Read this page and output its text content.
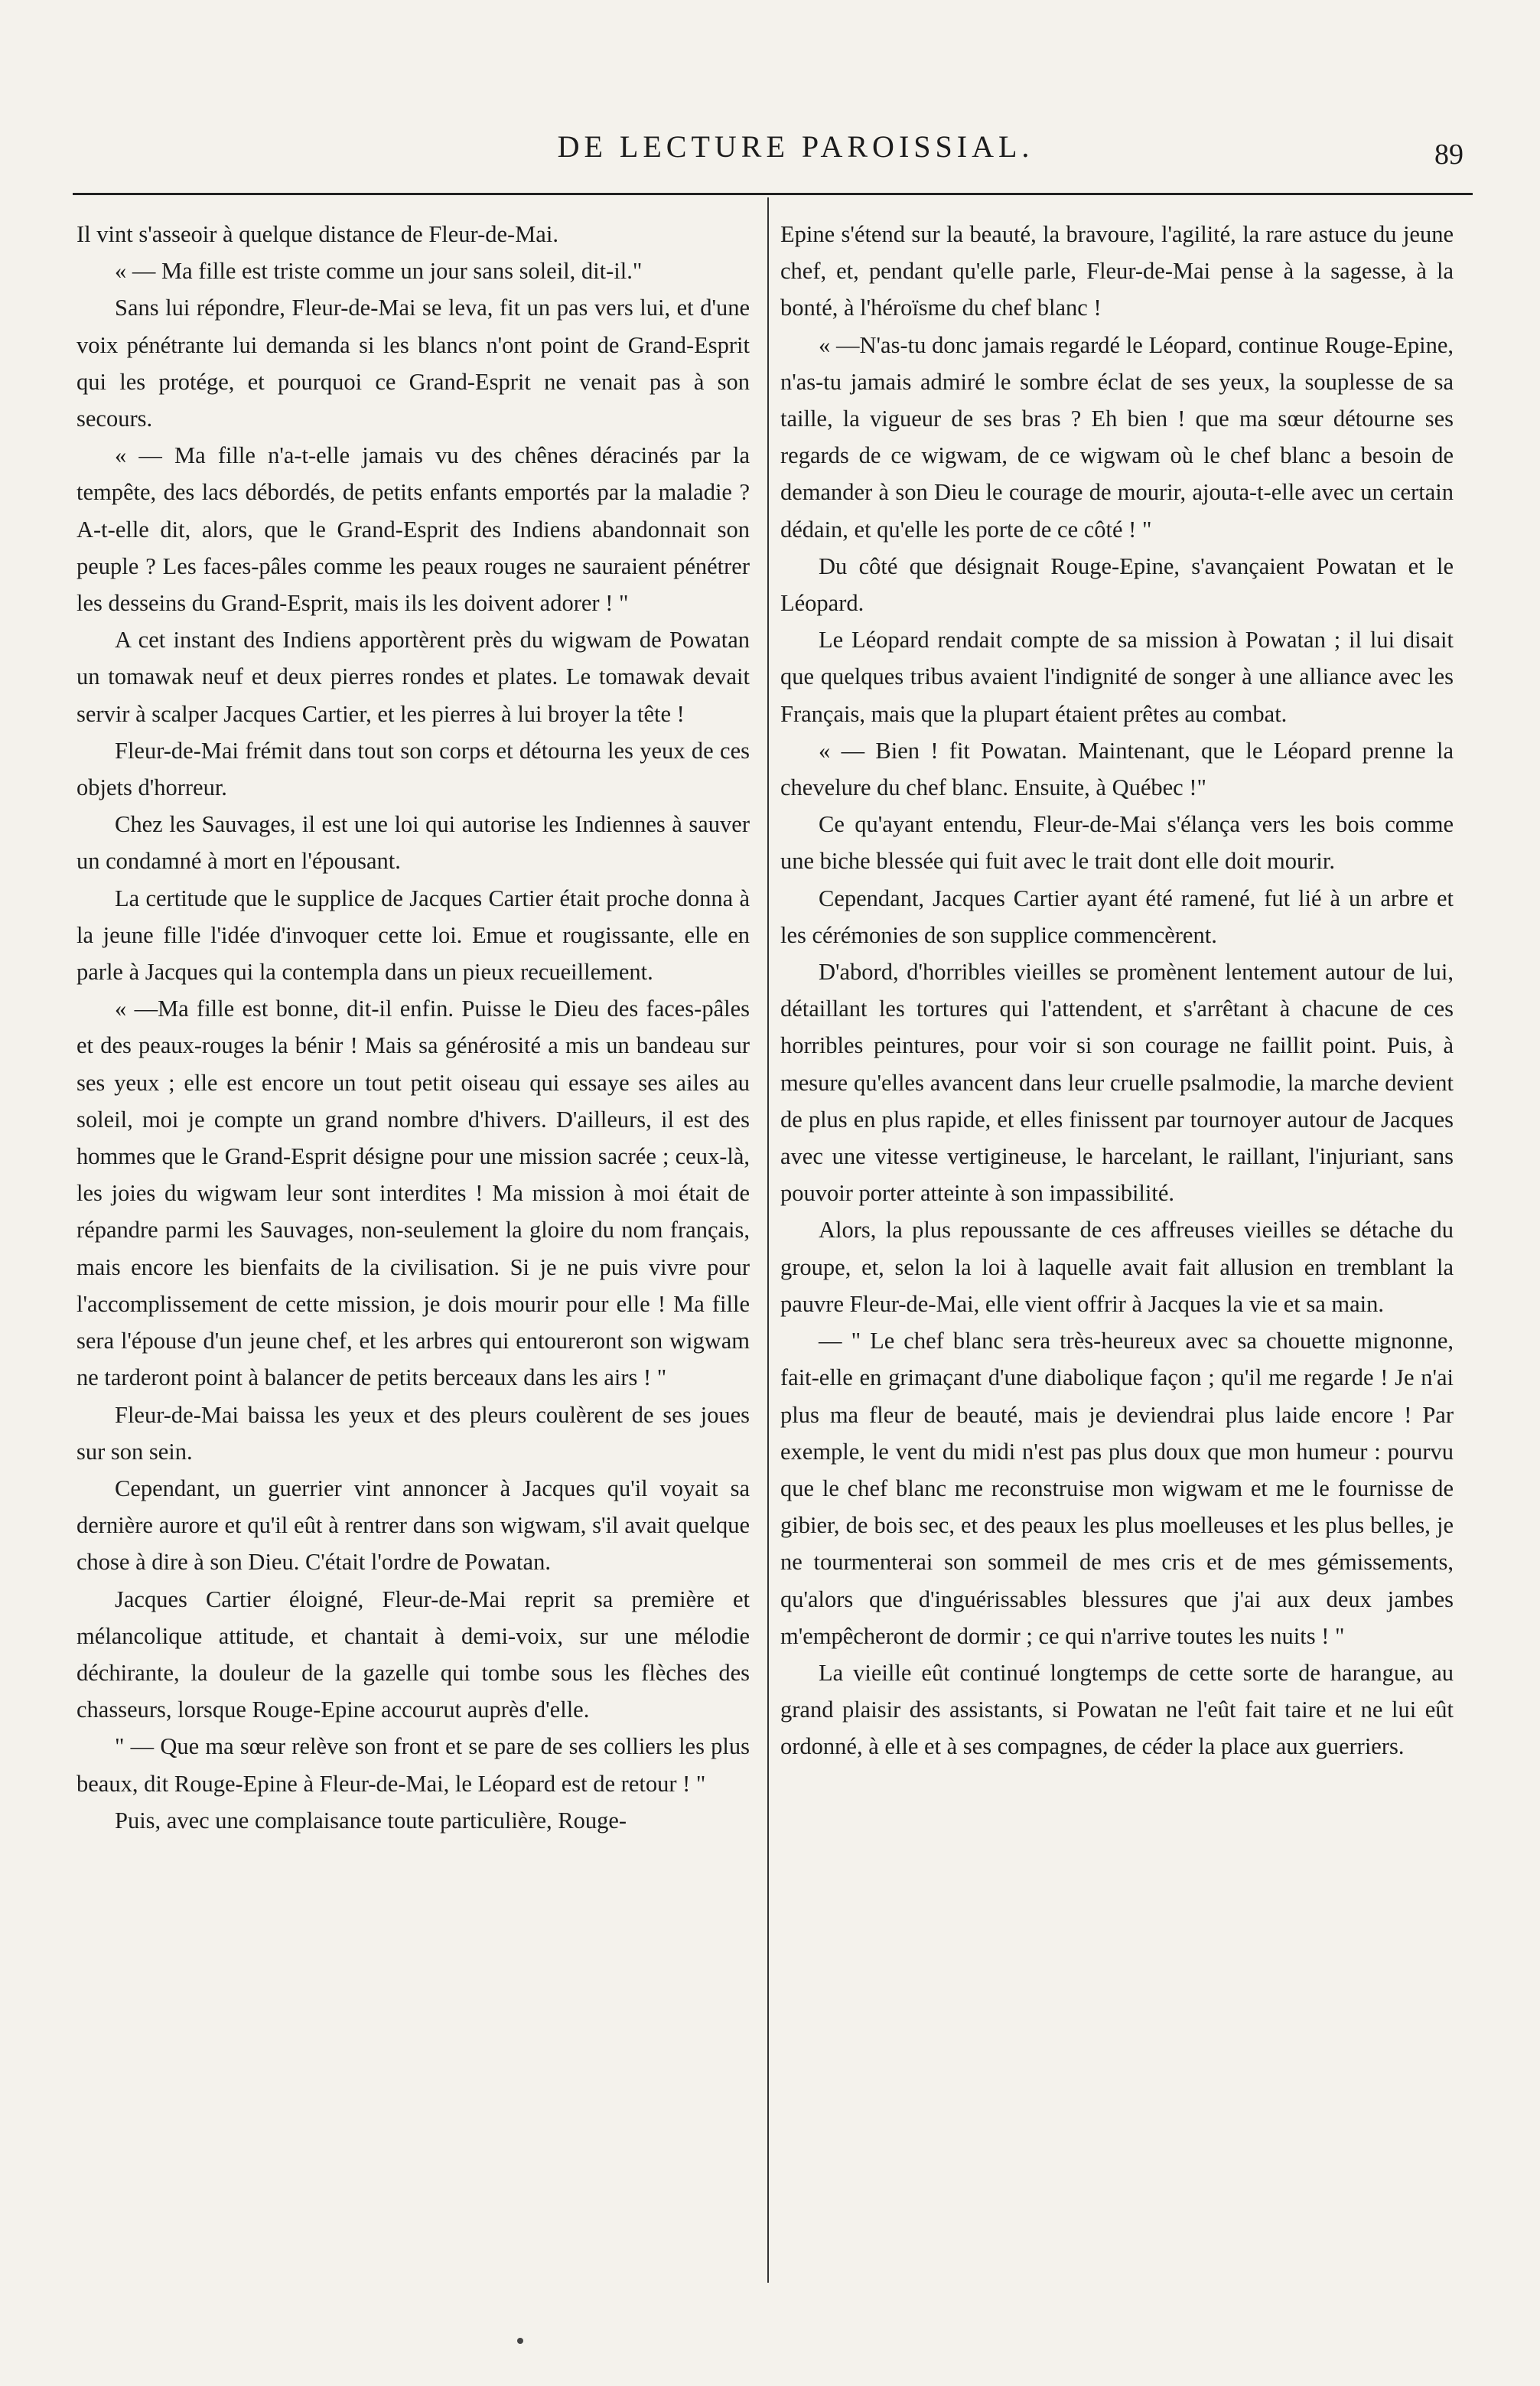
DE LECTURE PAROISSIAL.	89

Il vint s'asseoir à quelque distance de Fleur-de-Mai.

« — Ma fille est triste comme un jour sans soleil, dit-il."

Sans lui répondre, Fleur-de-Mai se leva, fit un pas vers lui, et d'une voix pénétrante lui demanda si les blancs n'ont point de Grand-Esprit qui les protége, et pourquoi ce Grand-Esprit ne venait pas à son secours.

« — Ma fille n'a-t-elle jamais vu des chênes déracinés par la tempête, des lacs débordés, de petits enfants emportés par la maladie ? A-t-elle dit, alors, que le Grand-Esprit des Indiens abandonnait son peuple ? Les faces-pâles comme les peaux rouges ne sauraient pénétrer les desseins du Grand-Esprit, mais ils les doivent adorer ! "

A cet instant des Indiens apportèrent près du wigwam de Powatan un tomawak neuf et deux pierres rondes et plates. Le tomawak devait servir à scalper Jacques Cartier, et les pierres à lui broyer la tête !

Fleur-de-Mai frémit dans tout son corps et détourna les yeux de ces objets d'horreur.

Chez les Sauvages, il est une loi qui autorise les Indiennes à sauver un condamné à mort en l'épousant.

La certitude que le supplice de Jacques Cartier était proche donna à la jeune fille l'idée d'invoquer cette loi. Emue et rougissante, elle en parle à Jacques qui la contempla dans un pieux recueillement.

« —Ma fille est bonne, dit-il enfin. Puisse le Dieu des faces-pâles et des peaux-rouges la bénir ! Mais sa générosité a mis un bandeau sur ses yeux ; elle est encore un tout petit oiseau qui essaye ses ailes au soleil, moi je compte un grand nombre d'hivers. D'ailleurs, il est des hommes que le Grand-Esprit désigne pour une mission sacrée ; ceux-là, les joies du wigwam leur sont interdites ! Ma mission à moi était de répandre parmi les Sauvages, non-seulement la gloire du nom français, mais encore les bienfaits de la civilisation. Si je ne puis vivre pour l'accomplissement de cette mission, je dois mourir pour elle ! Ma fille sera l'épouse d'un jeune chef, et les arbres qui entoureront son wigwam ne tarderont point à balancer de petits berceaux dans les airs ! "

Fleur-de-Mai baissa les yeux et des pleurs coulèrent de ses joues sur son sein.

Cependant, un guerrier vint annoncer à Jacques qu'il voyait sa dernière aurore et qu'il eût à rentrer dans son wigwam, s'il avait quelque chose à dire à son Dieu. C'était l'ordre de Powatan.

Jacques Cartier éloigné, Fleur-de-Mai reprit sa première et mélancolique attitude, et chantait à demi-voix, sur une mélodie déchirante, la douleur de la gazelle qui tombe sous les flèches des chasseurs, lorsque Rouge-Epine accourut auprès d'elle.

" — Que ma sœur relève son front et se pare de ses colliers les plus beaux, dit Rouge-Epine à Fleur-de-Mai, le Léopard est de retour ! "

Puis, avec une complaisance toute particulière, Rouge-

Epine s'étend sur la beauté, la bravoure, l'agilité, la rare astuce du jeune chef, et, pendant qu'elle parle, Fleur-de-Mai pense à la sagesse, à la bonté, à l'héroïsme du chef blanc !

« —N'as-tu donc jamais regardé le Léopard, continue Rouge-Epine, n'as-tu jamais admiré le sombre éclat de ses yeux, la souplesse de sa taille, la vigueur de ses bras ? Eh bien ! que ma sœur détourne ses regards de ce wigwam, de ce wigwam où le chef blanc a besoin de demander à son Dieu le courage de mourir, ajouta-t-elle avec un certain dédain, et qu'elle les porte de ce côté ! "

Du côté que désignait Rouge-Epine, s'avançaient Powatan et le Léopard.

Le Léopard rendait compte de sa mission à Powatan ; il lui disait que quelques tribus avaient l'indignité de songer à une alliance avec les Français, mais que la plupart étaient prêtes au combat.

« — Bien ! fit Powatan. Maintenant, que le Léopard prenne la chevelure du chef blanc. Ensuite, à Québec !"

Ce qu'ayant entendu, Fleur-de-Mai s'élança vers les bois comme une biche blessée qui fuit avec le trait dont elle doit mourir.

Cependant, Jacques Cartier ayant été ramené, fut lié à un arbre et les cérémonies de son supplice commencèrent.

D'abord, d'horribles vieilles se promènent lentement autour de lui, détaillant les tortures qui l'attendent, et s'arrêtant à chacune de ces horribles peintures, pour voir si son courage ne faillit point. Puis, à mesure qu'elles avancent dans leur cruelle psalmodie, la marche devient de plus en plus rapide, et elles finissent par tournoyer autour de Jacques avec une vitesse vertigineuse, le harcelant, le raillant, l'injuriant, sans pouvoir porter atteinte à son impassibilité.

Alors, la plus repoussante de ces affreuses vieilles se détache du groupe, et, selon la loi à laquelle avait fait allusion en tremblant la pauvre Fleur-de-Mai, elle vient offrir à Jacques la vie et sa main.

— " Le chef blanc sera très-heureux avec sa chouette mignonne, fait-elle en grimaçant d'une diabolique façon ; qu'il me regarde ! Je n'ai plus ma fleur de beauté, mais je deviendrai plus laide encore ! Par exemple, le vent du midi n'est pas plus doux que mon humeur : pourvu que le chef blanc me reconstruise mon wigwam et me le fournisse de gibier, de bois sec, et des peaux les plus moelleuses et les plus belles, je ne tourmenterai son sommeil de mes cris et de mes gémissements, qu'alors que d'inguérissables blessures que j'ai aux deux jambes m'empêcheront de dormir ; ce qui n'arrive toutes les nuits ! "

La vieille eût continué longtemps de cette sorte de harangue, au grand plaisir des assistants, si Powatan ne l'eût fait taire et ne lui eût ordonné, à elle et à ses compagnes, de céder la place aux guerriers.
